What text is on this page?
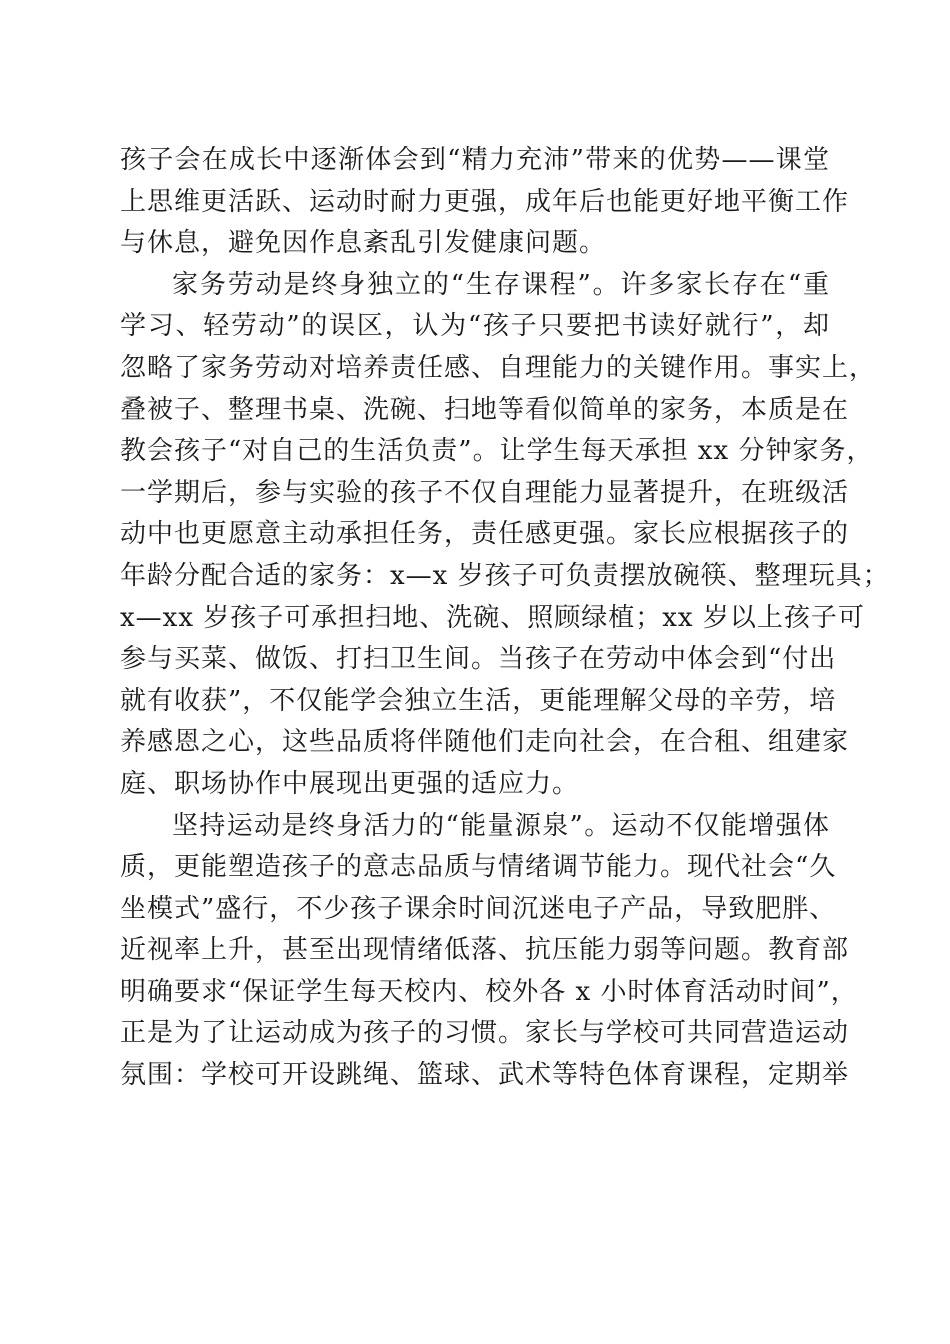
孩子会在成长中逐渐体会到“精力充沛”带来的优势——课堂
上思维更活跃、运动时耐力更强，成年后也能更好地平衡工作
与休息，避免因作息紊乱引发健康问题。
家务劳动是终身独立的“生存课程”。许多家长存在“重
学习、轻劳动”的误区，认为“孩子只要把书读好就行”，却
忽略了家务劳动对培养责任感、自理能力的关键作用。事实上，
叠被子、整理书桌、洗碗、扫地等看似简单的家务，本质是在
教会孩子“对自己的生活负责”。让学生每天承担 xx 分钟家务，
一学期后，参与实验的孩子不仅自理能力显著提升，在班级活
动中也更愿意主动承担任务，责任感更强。家长应根据孩子的
年龄分配合适的家务：x—x 岁孩子可负责摆放碗筷、整理玩具；
x—xx 岁孩子可承担扫地、洗碗、照顾绿植；xx 岁以上孩子可
参与买菜、做饭、打扫卫生间。当孩子在劳动中体会到“付出
就有收获”，不仅能学会独立生活，更能理解父母的辛劳，培
养感恩之心，这些品质将伴随他们走向社会，在合租、组建家
庭、职场协作中展现出更强的适应力。
坚持运动是终身活力的“能量源泉”。运动不仅能增强体
质，更能塑造孩子的意志品质与情绪调节能力。现代社会“久
坐模式”盛行，不少孩子课余时间沉迷电子产品，导致肥胖、
近视率上升，甚至出现情绪低落、抗压能力弱等问题。教育部
明确要求“保证学生每天校内、校外各 x 小时体育活动时间”，
正是为了让运动成为孩子的习惯。家长与学校可共同营造运动
氛围：学校可开设跳绳、篮球、武术等特色体育课程，定期举
